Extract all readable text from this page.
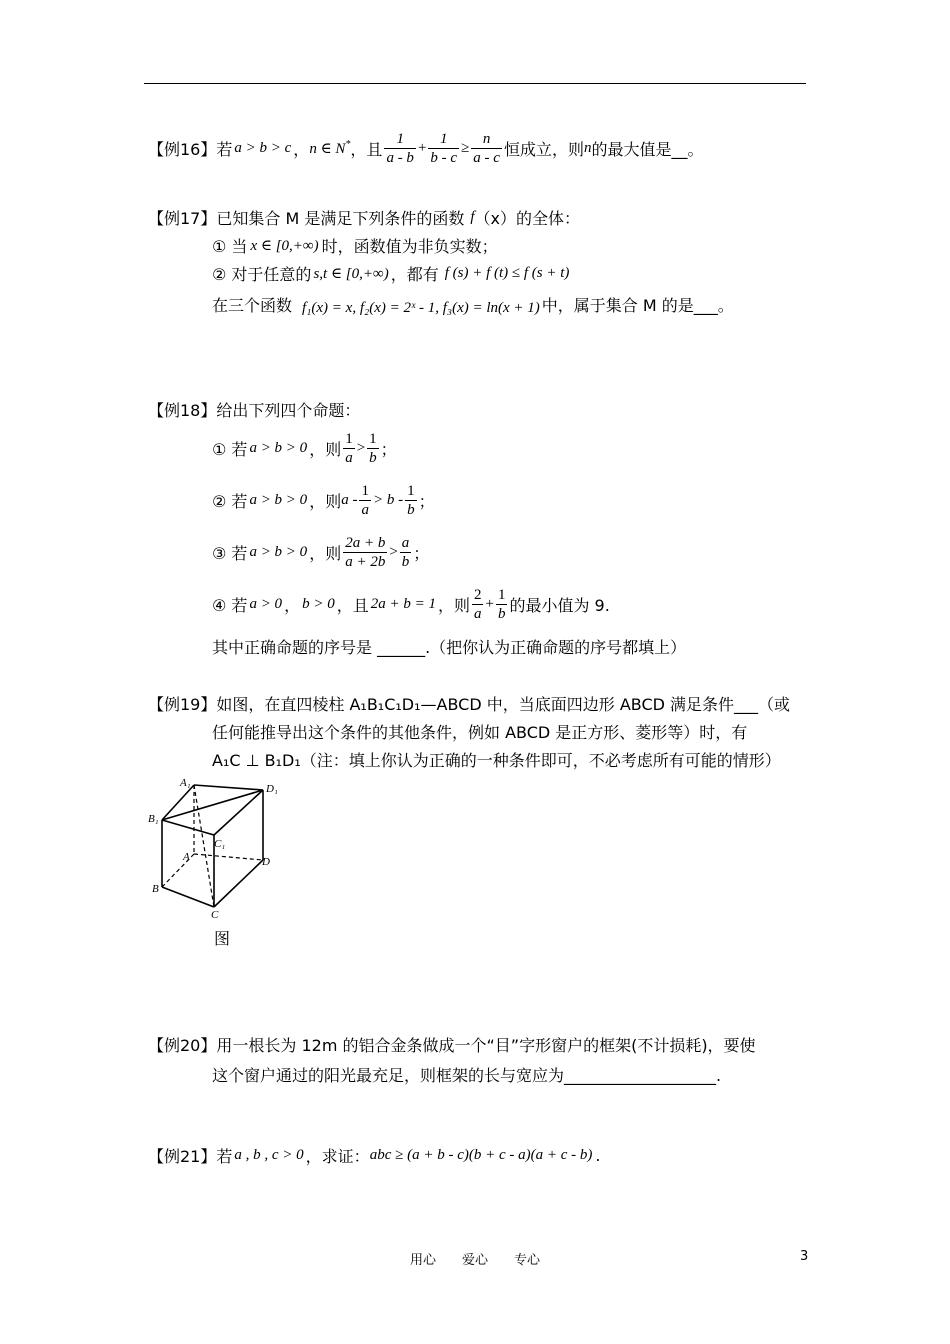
【例16】 若 a > b > c ， n ∈ N* ，且 $\frac{1}{a - b} + \frac{1}{b - c} \ge \frac{n}{a - c}$ 恒成立，则 n 的最大值是__。
【例17】 已知集合 M 是满足下列条件的函数 f （x）的全体：
① 当 x ∈ [0,+∞) 时，函数值为非负实数；
② 对于任意的 s,t ∈ [0,+∞) ，都有 f (s) + f (t) ≤ f (s + t)
在三个函数 f₁(x) = x, f₂(x) = 2ˣ - 1, f₃(x) = ln(x + 1) 中，属于集合 M 的是___。
【例18】 给出下列四个命题：
① 若 a > b > 0 ，则 $\frac{1}{a} > \frac{1}{b}$ ；
② 若 a > b > 0 ，则 $a - \frac{1}{a} > b - \frac{1}{b}$ ；
③ 若 a > b > 0 ，则 $\frac{2a + b}{a + 2b} > \frac{a}{b}$ ；
④ 若 a > 0 ， b > 0 ，且 2a + b = 1 ，则 $\frac{2}{a} + \frac{1}{b}$ 的最小值为 9.
其中正确命题的序号是 ______.（把你认为正确命题的序号都填上）
【例19】如图，在直四棱柱 A₁B₁C₁D₁—ABCD 中，当底面四边形 ABCD 满足条件___（或
任何能推导出这个条件的其他条件，例如 ABCD 是正方形、菱形等）时，有
A₁C ⊥ B₁D₁（注：填上你认为正确的一种条件即可，不必考虑所有可能的情形）
A₁	D₁
B₁
C₁
A	D
B
C
图
【例20】用一根长为 12m 的铝合金条做成一个“目”字形窗户的框架(不计损耗)，要使
这个窗户通过的阳光最充足，则框架的长与宽应为___________________.
【例21】 若 a , b , c > 0 ，求证： abc ≥ (a + b - c)(b + c - a)(a + c - b) .
用心　　爱心　　专心	3
